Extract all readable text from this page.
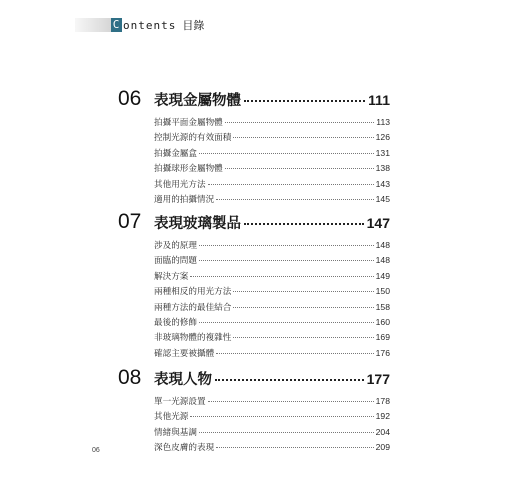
C ontents 目錄
06 表現金屬物體	111
拍攝平面金屬物體	113
控制光源的有效面積	126
拍攝金屬盒	131
拍攝球形金屬物體	138
其他用光方法	143
適用的拍攝情況	145
07 表現玻璃製品	147
涉及的原理	148
面臨的問題	148
解決方案	149
兩種相反的用光方法	150
兩種方法的最佳結合	158
最後的修飾	160
非玻璃物體的複雜性	169
確認主要被攝體	176
08 表現人物	177
單一光源設置	178
其他光源	192
情緒與基調	204
深色皮膚的表現	209
06
